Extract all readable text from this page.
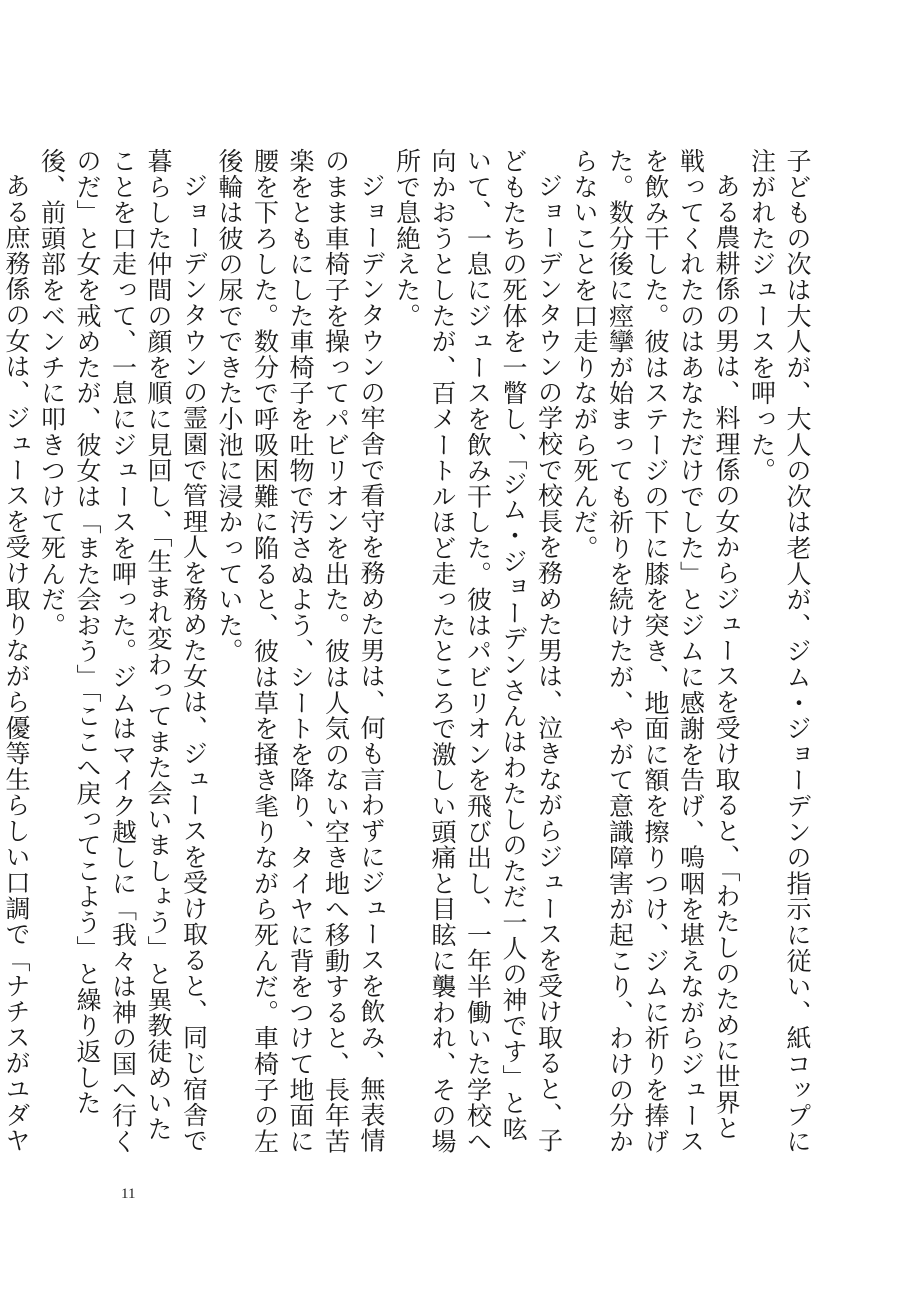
子どもの次は大人が、大人の次は老人が、ジム・ジョーデンの指示に従い、紙コップに注がれたジュースを呷った。

ある農耕係の男は、料理係の女からジュースを受け取ると、「わたしのために世界と戦ってくれたのはあなただけでした」とジムに感謝を告げ、嗚咽を堪えながらジュースを飲み干した。彼はステージの下に膝を突き、地面に額を擦りつけ、ジムに祈りを捧げた。数分後に痙攣が始まっても祈りを続けたが、やがて意識障害が起こり、わけの分からないことを口走りながら死んだ。

ジョーデンタウンの学校で校長を務めた男は、泣きながらジュースを受け取ると、子どもたちの死体を一瞥し、「ジム・ジョーデンさんはわたしのただ一人の神です」と呟いて、一息にジュースを飲み干した。彼はパビリオンを飛び出し、一年半働いた学校へ向かおうとしたが、百メートルほど走ったところで激しい頭痛と目眩に襲われ、その場所で息絶えた。

ジョーデンタウンの牢舎で看守を務めた男は、何も言わずにジュースを飲み、無表情のまま車椅子を操ってパビリオンを出た。彼は人気のない空き地へ移動すると、長年苦楽をともにした車椅子を吐物で汚さぬよう、シートを降り、タイヤに背をつけて地面に腰を下ろした。数分で呼吸困難に陥ると、彼は草を掻き毟りながら死んだ。車椅子の左後輪は彼の尿でできた小池に浸かっていた。

ジョーデンタウンの霊園で管理人を務めた女は、ジュースを受け取ると、同じ宿舎で暮らした仲間の顔を順に見回し、「生まれ変わってまた会いましょう」と異教徒めいたことを口走って、一息にジュースを呷った。ジムはマイク越しに「我々は神の国へ行くのだ」と女を戒めたが、彼女は「また会おう」「ここへ戻ってこよう」と繰り返した後、前頭部をベンチに叩きつけて死んだ。

ある庶務係の女は、ジュースを受け取りながら優等生らしい口調で「ナチスがユダヤ

11
